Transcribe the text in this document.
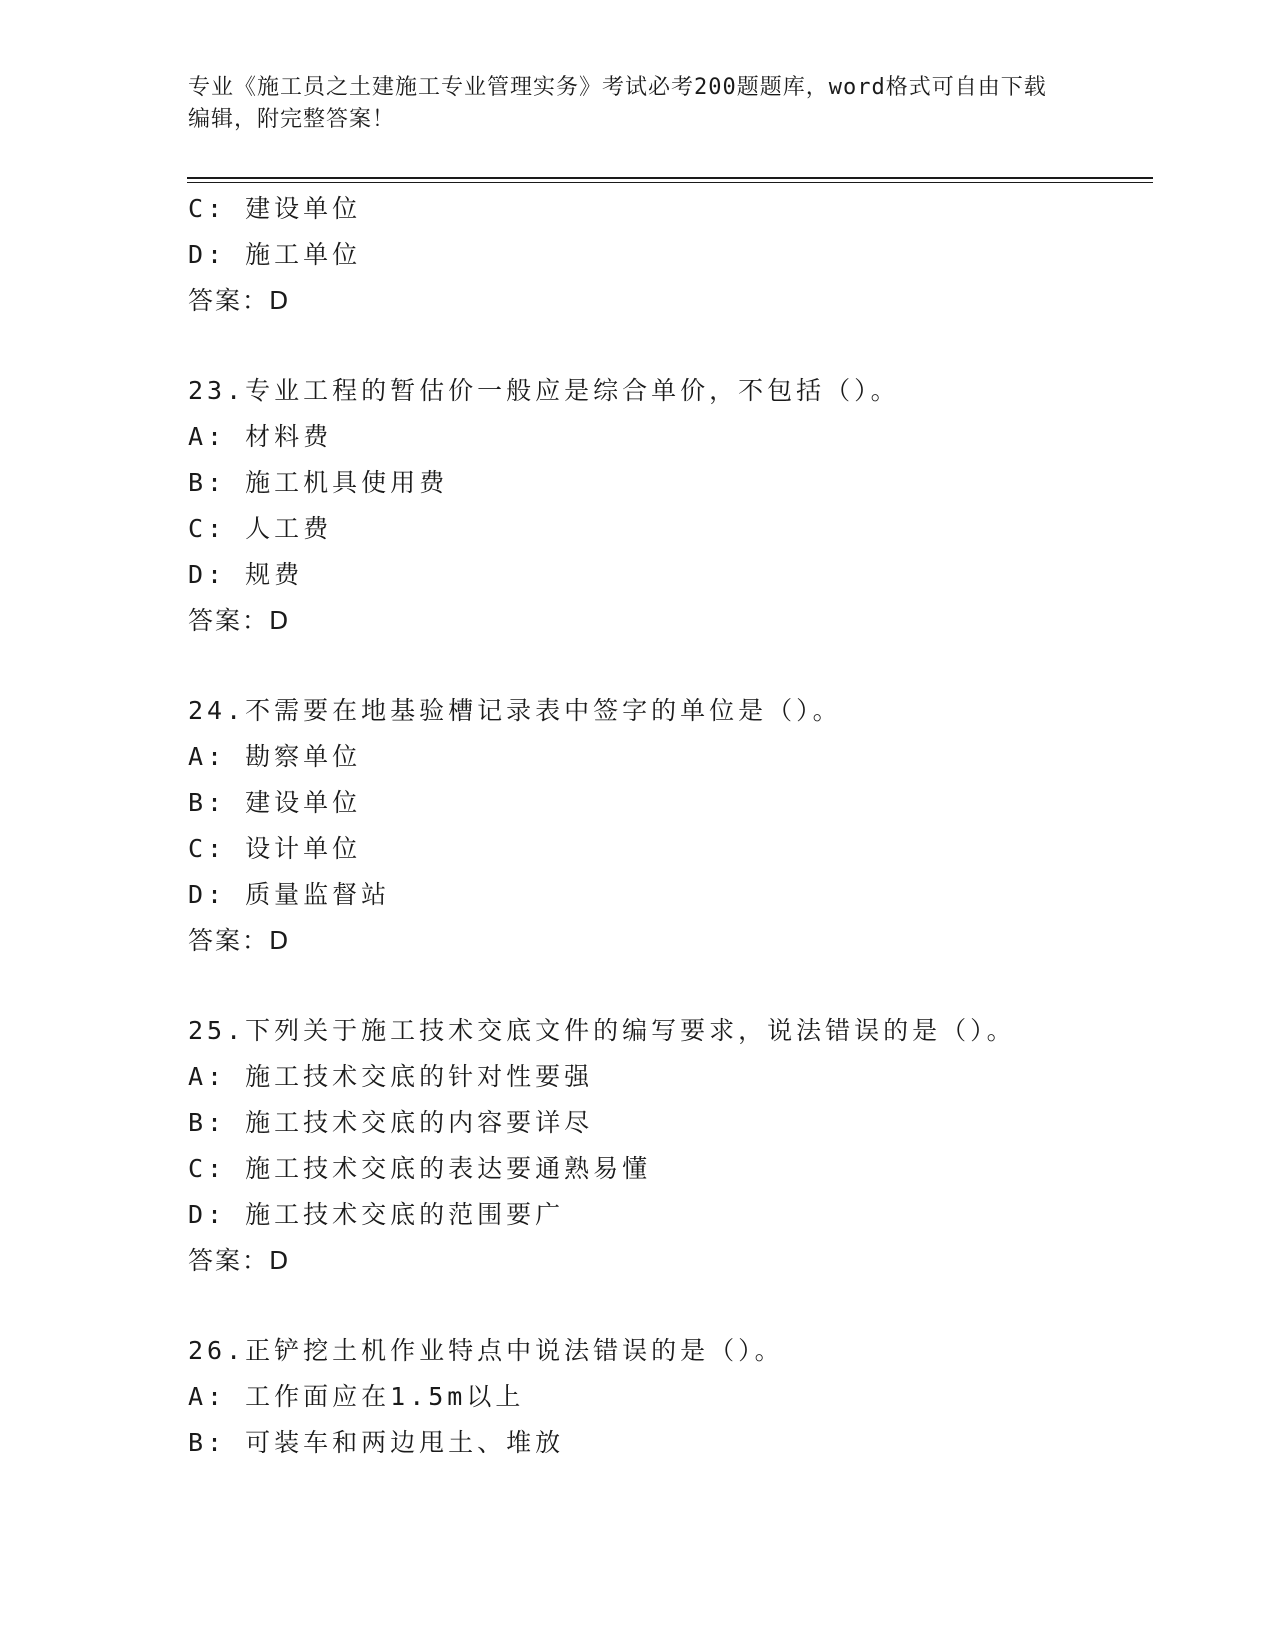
专业《施工员之土建施工专业管理实务》考试必考200题题库，word格式可自由下载编辑，附完整答案！
C: 建设单位
D: 施工单位
答案：D
23.专业工程的暂估价一般应是综合单价，不包括（）。
A: 材料费
B: 施工机具使用费
C: 人工费
D: 规费
答案：D
24.不需要在地基验槽记录表中签字的单位是（）。
A: 勘察单位
B: 建设单位
C: 设计单位
D: 质量监督站
答案：D
25.下列关于施工技术交底文件的编写要求，说法错误的是（）。
A: 施工技术交底的针对性要强
B: 施工技术交底的内容要详尽
C: 施工技术交底的表达要通熟易懂
D: 施工技术交底的范围要广
答案：D
26.正铲挖土机作业特点中说法错误的是（）。
A: 工作面应在1.5m以上
B: 可装车和两边甩土、堆放
